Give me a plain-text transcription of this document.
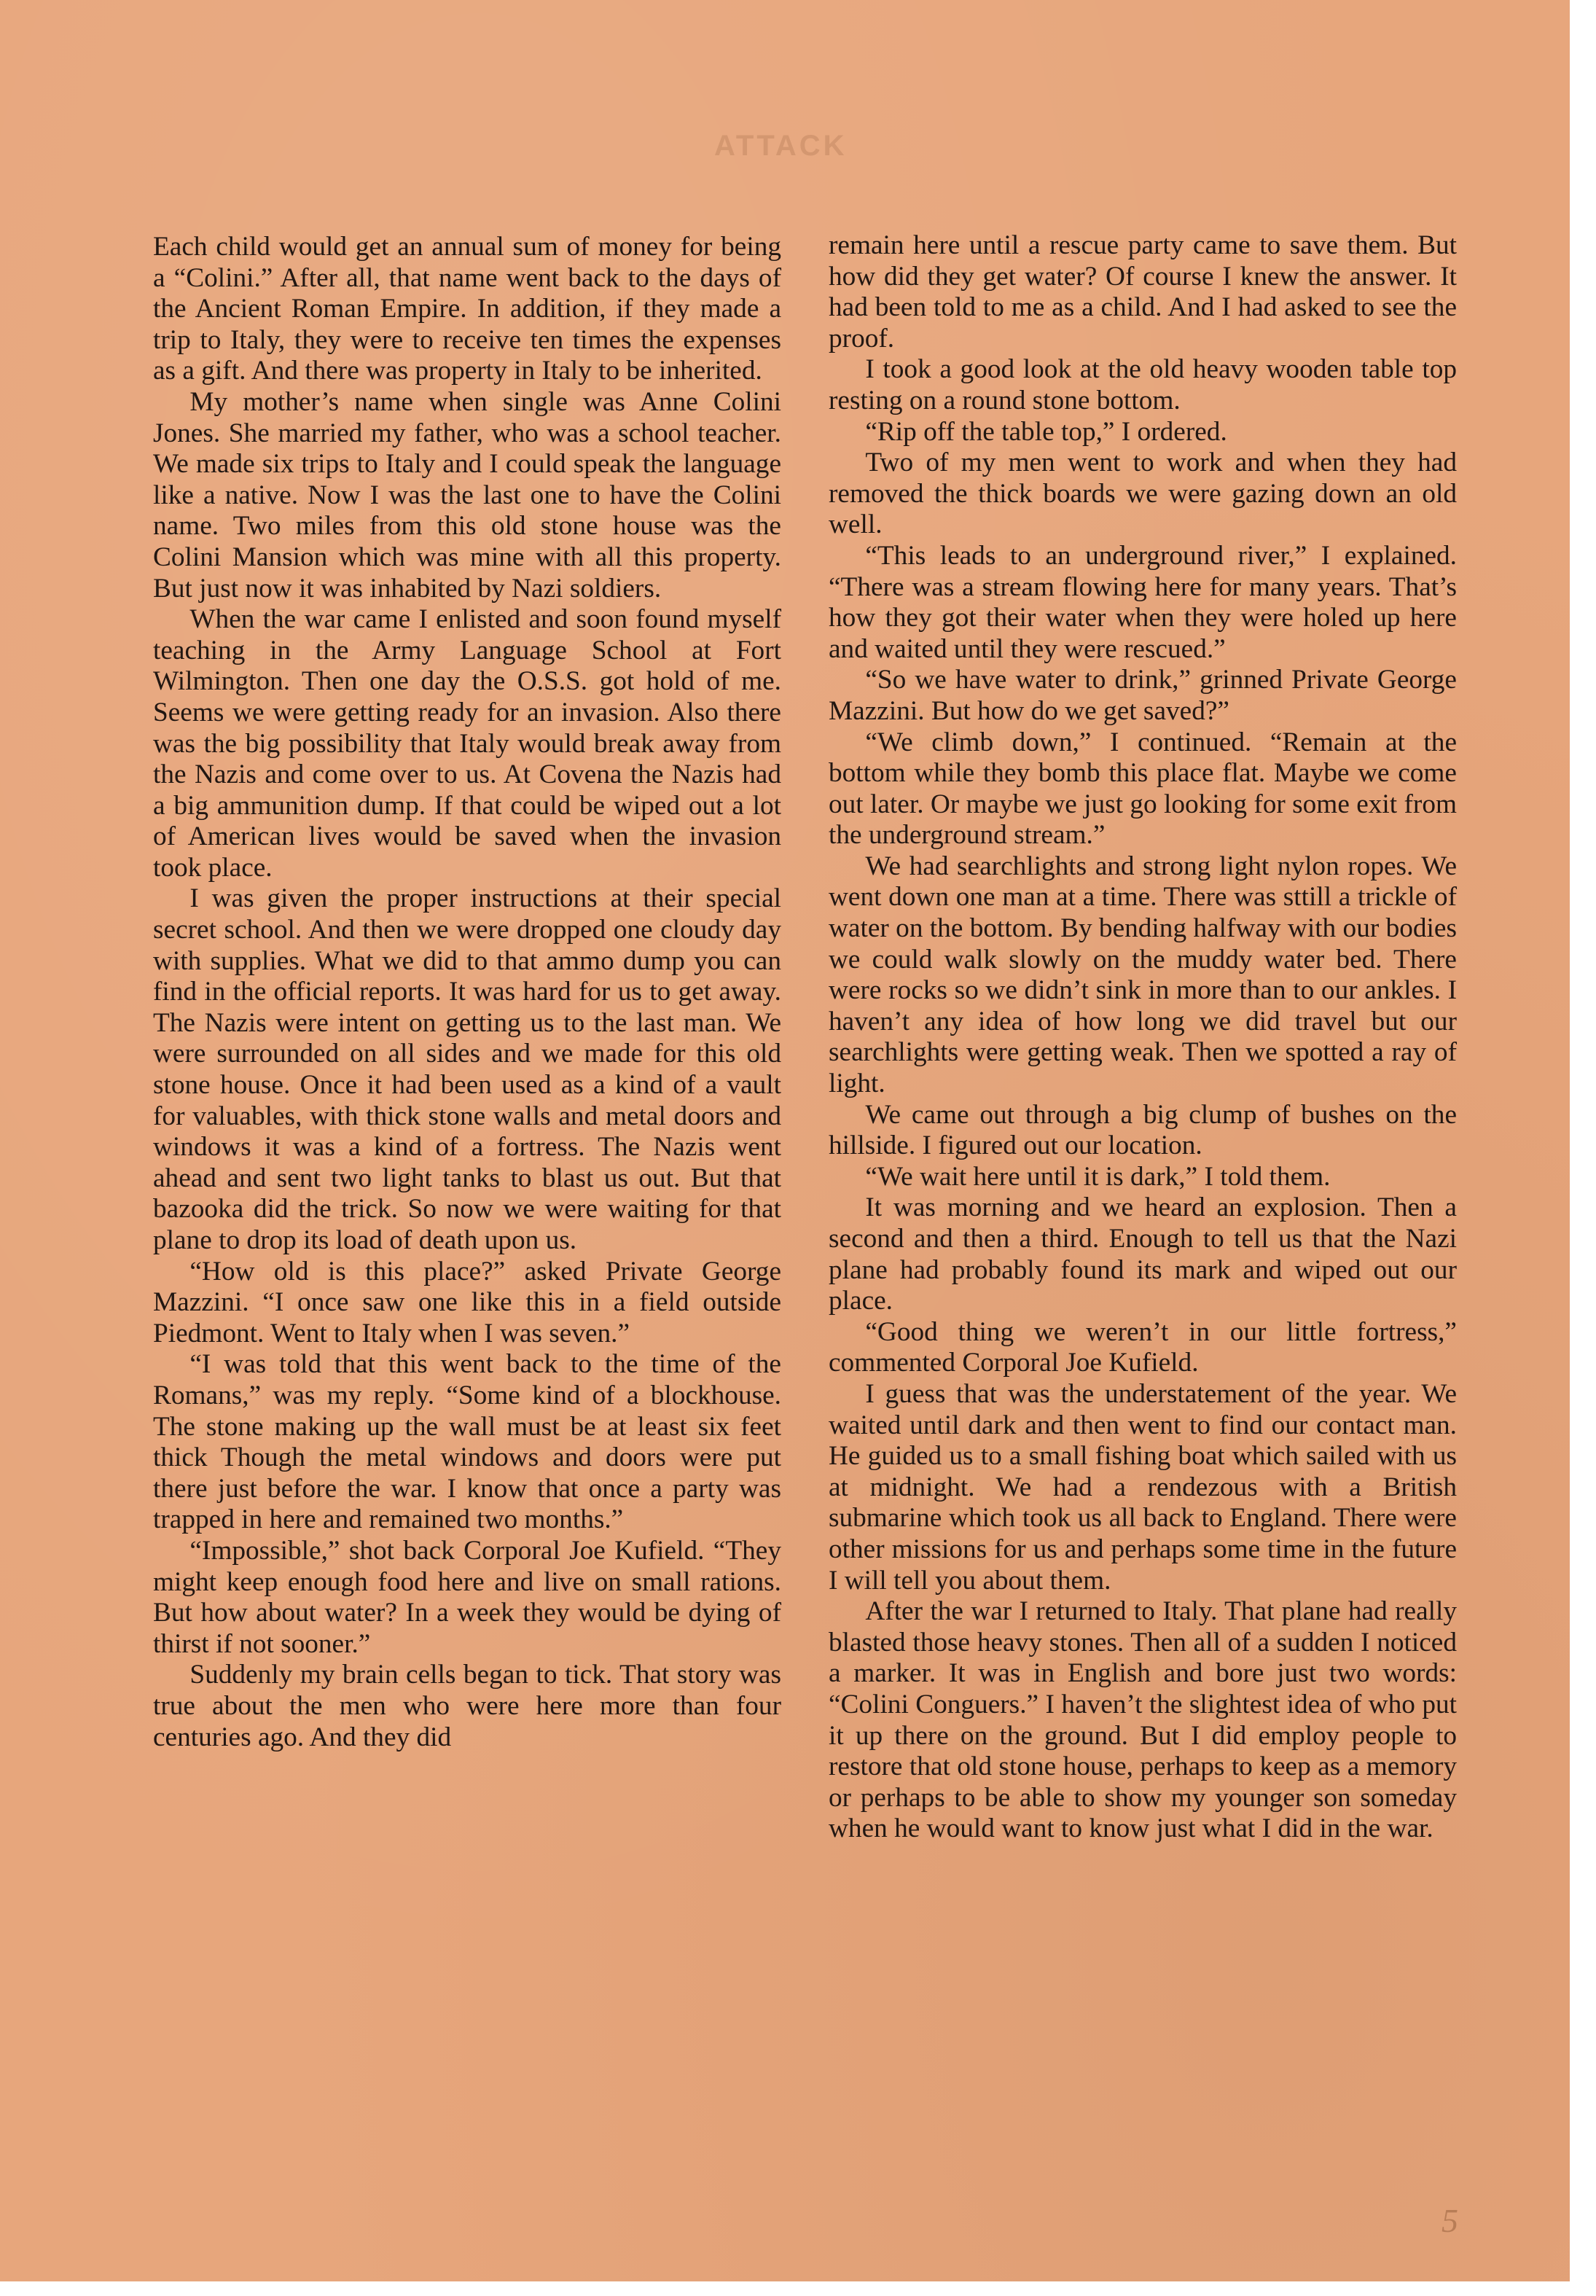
ATTACK

Each child would get an annual sum of money for being a “Colini.” After all, that name went back to the days of the Ancient Roman Empire. In addition, if they made a trip to Italy, they were to receive ten times the expenses as a gift. And there was property in Italy to be inherited.

My mother’s name when single was Anne Colini Jones. She married my father, who was a school teacher. We made six trips to Italy and I could speak the language like a native. Now I was the last one to have the Colini name. Two miles from this old stone house was the Colini Mansion which was mine with all this property. But just now it was inhabited by Nazi soldiers.

When the war came I enlisted and soon found myself teaching in the Army Language School at Fort Wilmington. Then one day the O.S.S. got hold of me. Seems we were getting ready for an invasion. Also there was the big possibility that Italy would break away from the Nazis and come over to us. At Covena the Nazis had a big ammunition dump. If that could be wiped out a lot of American lives would be saved when the invasion took place.

I was given the proper instructions at their special secret school. And then we were dropped one cloudy day with supplies. What we did to that ammo dump you can find in the official reports. It was hard for us to get away. The Nazis were intent on getting us to the last man. We were surrounded on all sides and we made for this old stone house. Once it had been used as a kind of a vault for valuables, with thick stone walls and metal doors and windows it was a kind of a fortress. The Nazis went ahead and sent two light tanks to blast us out. But that bazooka did the trick. So now we were waiting for that plane to drop its load of death upon us.

“How old is this place?” asked Private George Mazzini. “I once saw one like this in a field outside Piedmont. Went to Italy when I was seven.”

“I was told that this went back to the time of the Romans,” was my reply. “Some kind of a blockhouse. The stone making up the wall must be at least six feet thick Though the metal windows and doors were put there just before the war. I know that once a party was trapped in here and remained two months.”

“Impossible,” shot back Corporal Joe Kufield. “They might keep enough food here and live on small rations. But how about water? In a week they would be dying of thirst if not sooner.”

Suddenly my brain cells began to tick. That story was true about the men who were here more than four centuries ago. And they did

remain here until a rescue party came to save them. But how did they get water? Of course I knew the answer. It had been told to me as a child. And I had asked to see the proof.

I took a good look at the old heavy wooden table top resting on a round stone bottom.

“Rip off the table top,” I ordered.

Two of my men went to work and when they had removed the thick boards we were gazing down an old well.

“This leads to an underground river,” I explained. “There was a stream flowing here for many years. That’s how they got their water when they were holed up here and waited until they were rescued.”

“So we have water to drink,” grinned Private George Mazzini. But how do we get saved?”

“We climb down,” I continued. “Remain at the bottom while they bomb this place flat. Maybe we come out later. Or maybe we just go looking for some exit from the underground stream.”

We had searchlights and strong light nylon ropes. We went down one man at a time. There was sttill a trickle of water on the bottom. By bending halfway with our bodies we could walk slowly on the muddy water bed. There were rocks so we didn’t sink in more than to our ankles. I haven’t any idea of how long we did travel but our searchlights were getting weak. Then we spotted a ray of light.

We came out through a big clump of bushes on the hillside. I figured out our location.

“We wait here until it is dark,” I told them.

It was morning and we heard an explosion. Then a second and then a third. Enough to tell us that the Nazi plane had probably found its mark and wiped out our place.

“Good thing we weren’t in our little fortress,” commented Corporal Joe Kufield.

I guess that was the understatement of the year. We waited until dark and then went to find our contact man. He guided us to a small fishing boat which sailed with us at midnight. We had a rendezous with a British submarine which took us all back to England. There were other missions for us and perhaps some time in the future I will tell you about them.

After the war I returned to Italy. That plane had really blasted those heavy stones. Then all of a sudden I noticed a marker. It was in English and bore just two words: “Colini Conguers.” I haven’t the slightest idea of who put it up there on the ground. But I did employ people to restore that old stone house, perhaps to keep as a memory or perhaps to be able to show my younger son someday when he would want to know just what I did in the war.

5
